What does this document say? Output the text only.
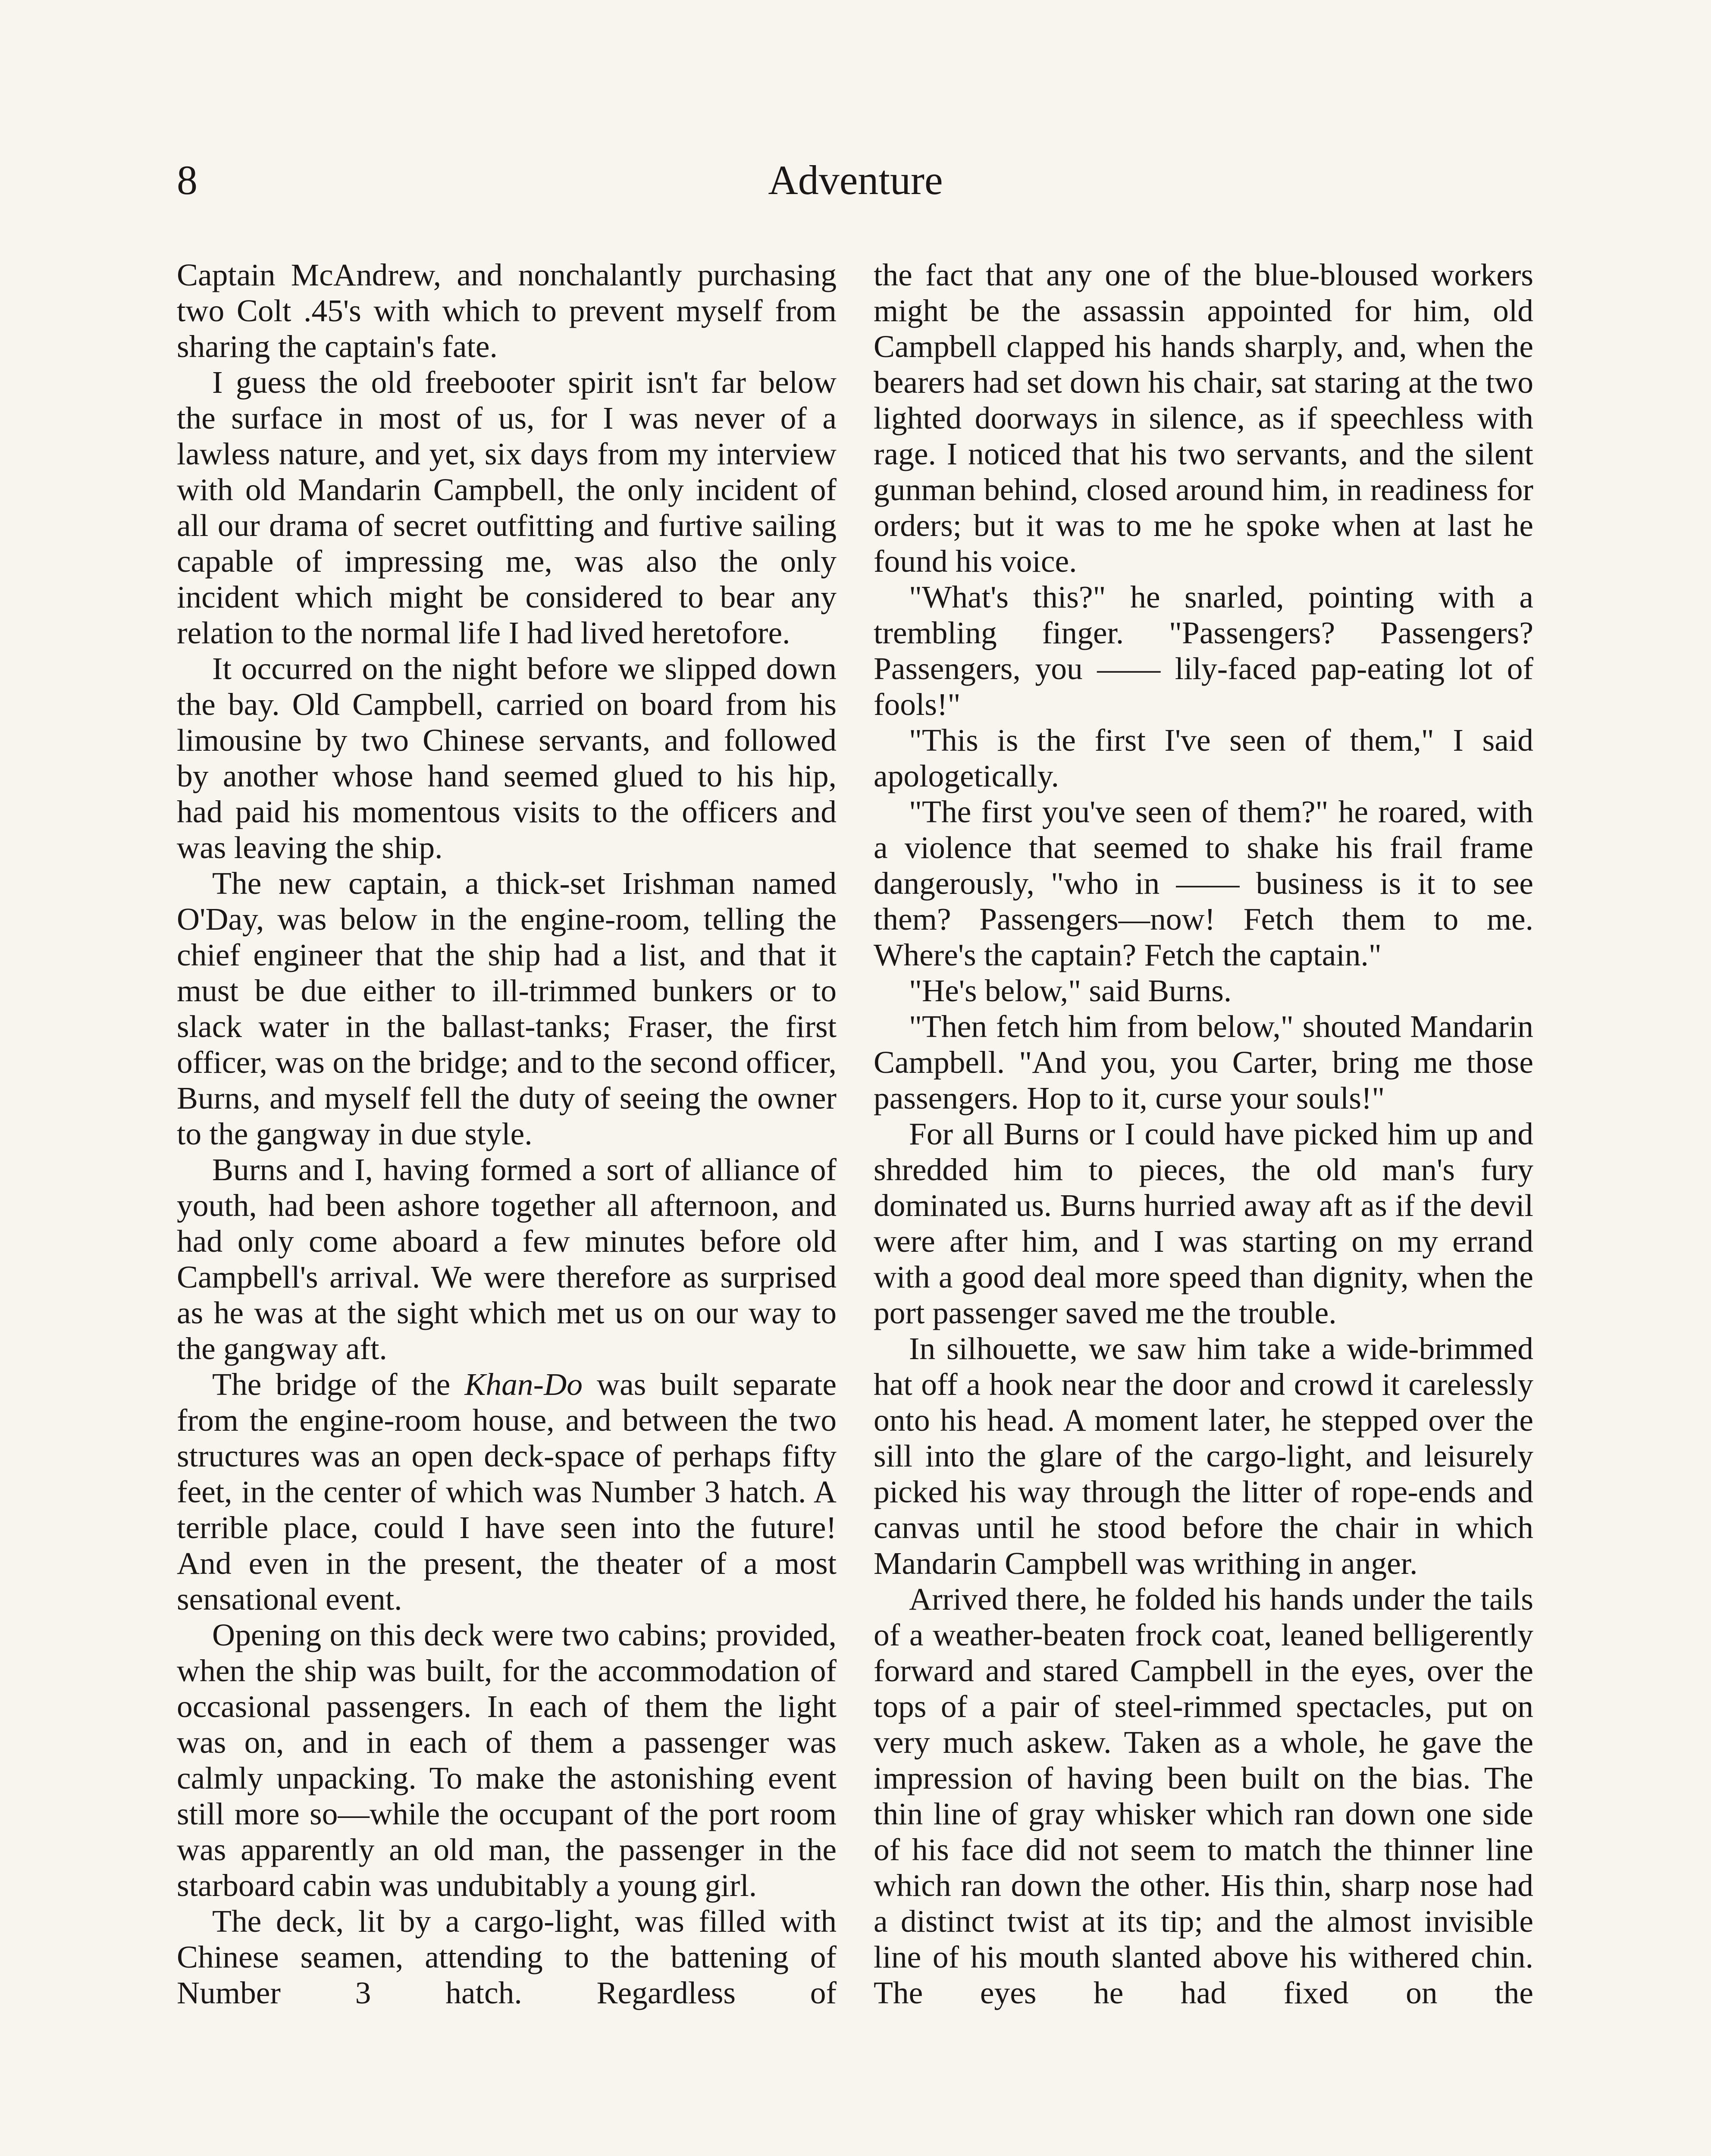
8	Adventure

Captain McAndrew, and nonchalantly purchasing two Colt .45's with which to prevent myself from sharing the captain's fate.

I guess the old freebooter spirit isn't far below the surface in most of us, for I was never of a lawless nature, and yet, six days from my interview with old Mandarin Campbell, the only incident of all our drama of secret outfitting and furtive sailing capable of impressing me, was also the only incident which might be considered to bear any relation to the normal life I had lived heretofore.

It occurred on the night before we slipped down the bay. Old Campbell, carried on board from his limousine by two Chinese servants, and followed by another whose hand seemed glued to his hip, had paid his momentous visits to the officers and was leaving the ship.

The new captain, a thick-set Irishman named O'Day, was below in the engine-room, telling the chief engineer that the ship had a list, and that it must be due either to ill-trimmed bunkers or to slack water in the ballast-tanks; Fraser, the first officer, was on the bridge; and to the second officer, Burns, and myself fell the duty of seeing the owner to the gangway in due style.

Burns and I, having formed a sort of alliance of youth, had been ashore together all afternoon, and had only come aboard a few minutes before old Campbell's arrival. We were therefore as surprised as he was at the sight which met us on our way to the gangway aft.

The bridge of the Khan-Do was built separate from the engine-room house, and between the two structures was an open deck-space of perhaps fifty feet, in the center of which was Number 3 hatch. A terrible place, could I have seen into the future! And even in the present, the theater of a most sensational event.

Opening on this deck were two cabins; provided, when the ship was built, for the accommodation of occasional passengers. In each of them the light was on, and in each of them a passenger was calmly unpacking. To make the astonishing event still more so—while the occupant of the port room was apparently an old man, the passenger in the starboard cabin was undubitably a young girl.

The deck, lit by a cargo-light, was filled with Chinese seamen, attending to the battening of Number 3 hatch. Regardless of

the fact that any one of the blue-bloused workers might be the assassin appointed for him, old Campbell clapped his hands sharply, and, when the bearers had set down his chair, sat staring at the two lighted doorways in silence, as if speechless with rage. I noticed that his two servants, and the silent gunman behind, closed around him, in readiness for orders; but it was to me he spoke when at last he found his voice.

"What's this?" he snarled, pointing with a trembling finger. "Passengers? Passengers? Passengers, you —— lily-faced pap-eating lot of fools!"

"This is the first I've seen of them," I said apologetically.

"The first you've seen of them?" he roared, with a violence that seemed to shake his frail frame dangerously, "who in —— business is it to see them? Passengers—now! Fetch them to me. Where's the captain? Fetch the captain."

"He's below," said Burns.

"Then fetch him from below," shouted Mandarin Campbell. "And you, you Carter, bring me those passengers. Hop to it, curse your souls!"

For all Burns or I could have picked him up and shredded him to pieces, the old man's fury dominated us. Burns hurried away aft as if the devil were after him, and I was starting on my errand with a good deal more speed than dignity, when the port passenger saved me the trouble.

In silhouette, we saw him take a wide-brimmed hat off a hook near the door and crowd it carelessly onto his head. A moment later, he stepped over the sill into the glare of the cargo-light, and leisurely picked his way through the litter of rope-ends and canvas until he stood before the chair in which Mandarin Campbell was writhing in anger.

Arrived there, he folded his hands under the tails of a weather-beaten frock coat, leaned belligerently forward and stared Campbell in the eyes, over the tops of a pair of steel-rimmed spectacles, put on very much askew. Taken as a whole, he gave the impression of having been built on the bias. The thin line of gray whisker which ran down one side of his face did not seem to match the thinner line which ran down the other. His thin, sharp nose had a distinct twist at its tip; and the almost invisible line of his mouth slanted above his withered chin. The eyes he had fixed on the
